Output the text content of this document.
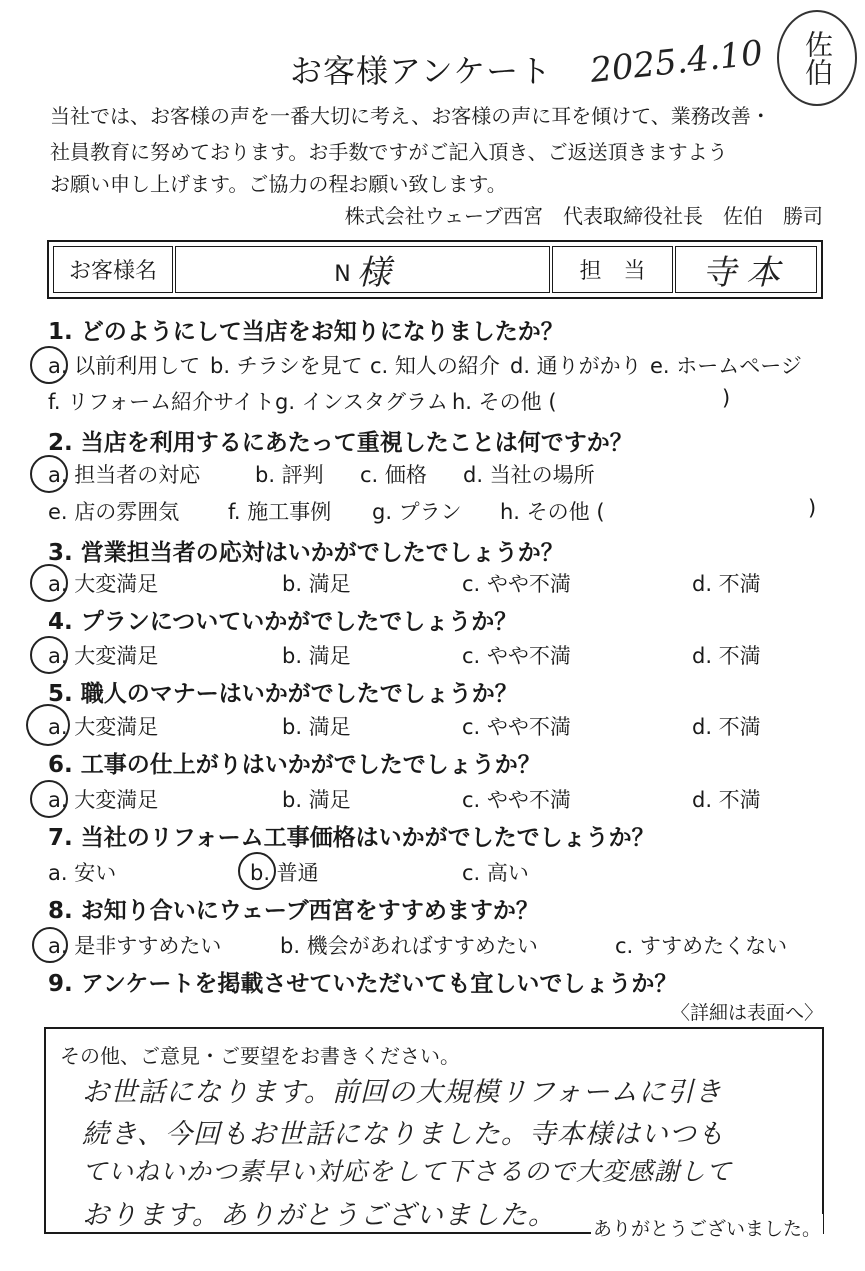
お客様アンケート 2025.4.10 佐伯
当社では、お客様の声を一番大切に考え、お客様の声に耳を傾けて、業務改善・
社員教育に努めております。お手数ですがご記入頂き、ご返送頂きますよう
お願い申し上げます。ご協力の程お願い致します。
株式会社ウェーブ西宮　代表取締役社長　佐伯　勝司
お客様名	N 様	担　当	寺本
1. どのようにして当店をお知りになりましたか？
a. 以前利用して b. チラシを見て c. 知人の紹介 d. 通りがかり e. ホームページ
f. リフォーム紹介サイト g. インスタグラム h. その他 (	)
2. 当店を利用するにあたって重視したことは何ですか？
a. 担当者の対応	b. 評判 c. 価格 d. 当社の場所
e. 店の雰囲気 f. 施工事例 g. プラン h. その他 (	)
3. 営業担当者の応対はいかがでしたでしょうか？
a. 大変満足	b. 満足	c. やや不満	d. 不満
4. プランについていかがでしたでしょうか？
a. 大変満足	b. 満足	c. やや不満	d. 不満
5. 職人のマナーはいかがでしたでしょうか？
a. 大変満足	b. 満足	c. やや不満	d. 不満
6. 工事の仕上がりはいかがでしたでしょうか？
a. 大変満足	b. 満足	c. やや不満	d. 不満
7. 当社のリフォーム工事価格はいかがでしたでしょうか？
a. 安い	b. 普通	c. 高い
8. お知り合いにウェーブ西宮をすすめますか？
a. 是非すすめたい	b. 機会があればすすめたい	c. すすめたくない
9. アンケートを掲載させていただいても宜しいでしょうか？
〈詳細は表面へ〉
その他、ご意見・ご要望をお書きください。
お世話になります。前回の大規模リフォームに引き
続き、今回もお世話になりました。寺本様はいつも
ていねいかつ素早い対応をして下さるので大変感謝して
おります。ありがとうございました。 ありがとうございました。
